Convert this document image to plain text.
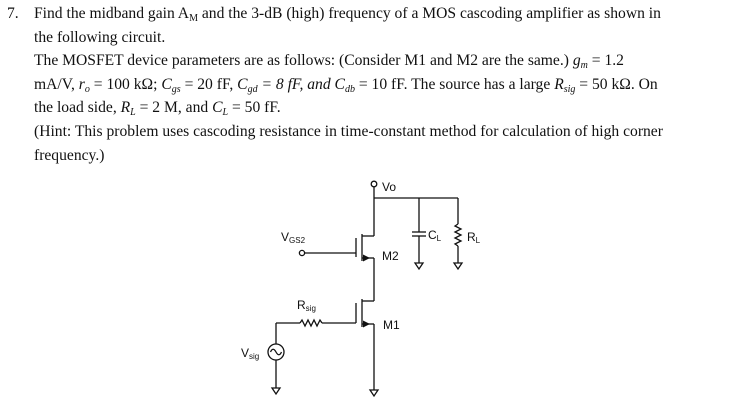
7. Find the midband gain $A_M$ and the 3-dB (high) frequency of a MOS cascoding amplifier as shown in
the following circuit.
The MOSFET device parameters are as follows: (Consider M1 and M2 are the same.) $g_m = 1.2$
mA/V, $r_o = 100$ kΩ; $C_{gs} = 20$ fF, $C_{gd} = 8$ fF, and $C_{db} = 10$ fF. The source has a large $R_{sig} = 50$ kΩ. On
the load side, $R_L = 2$ M, and $C_L = 50$ fF.
(Hint: This problem uses cascoding resistance in time-constant method for calculation of high corner
frequency.)
Vo
VGS2
M2
Rsig
M1
Vsig
CL RL
